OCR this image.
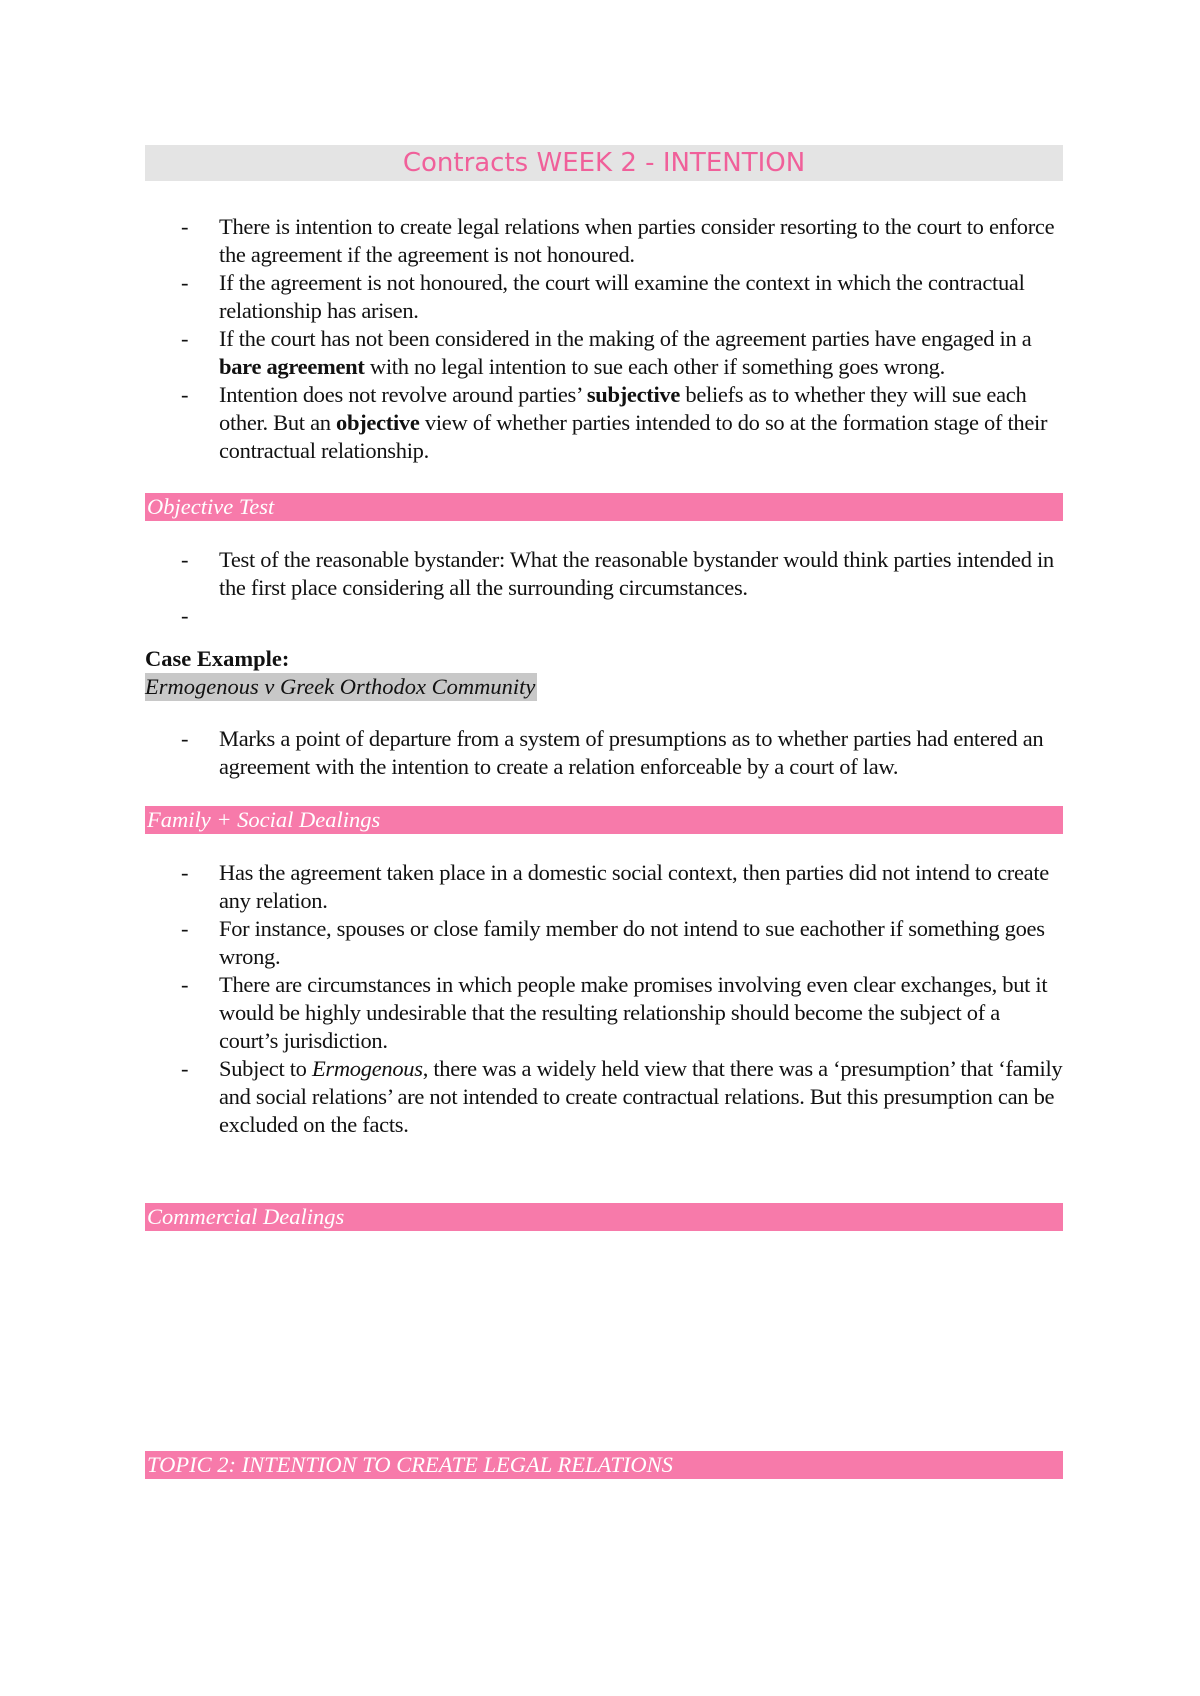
Contracts WEEK 2 - INTENTION
- There is intention to create legal relations when parties consider resorting to the court to enforce the agreement if the agreement is not honoured.
- If the agreement is not honoured, the court will examine the context in which the contractual relationship has arisen.
- If the court has not been considered in the making of the agreement parties have engaged in a bare agreement with no legal intention to sue each other if something goes wrong.
- Intention does not revolve around parties’ subjective beliefs as to whether they will sue each other. But an objective view of whether parties intended to do so at the formation stage of their contractual relationship.
Objective Test
- Test of the reasonable bystander: What the reasonable bystander would think parties intended in the first place considering all the surrounding circumstances.
-
Case Example:
Ermogenous v Greek Orthodox Community
- Marks a point of departure from a system of presumptions as to whether parties had entered an agreement with the intention to create a relation enforceable by a court of law.
Family + Social Dealings
- Has the agreement taken place in a domestic social context, then parties did not intend to create any relation.
- For instance, spouses or close family member do not intend to sue eachother if something goes wrong.
- There are circumstances in which people make promises involving even clear exchanges, but it would be highly undesirable that the resulting relationship should become the subject of a court’s jurisdiction.
- Subject to Ermogenous, there was a widely held view that there was a ‘presumption’ that ‘family and social relations’ are not intended to create contractual relations. But this presumption can be excluded on the facts.
Commercial Dealings
TOPIC 2: INTENTION TO CREATE LEGAL RELATIONS
